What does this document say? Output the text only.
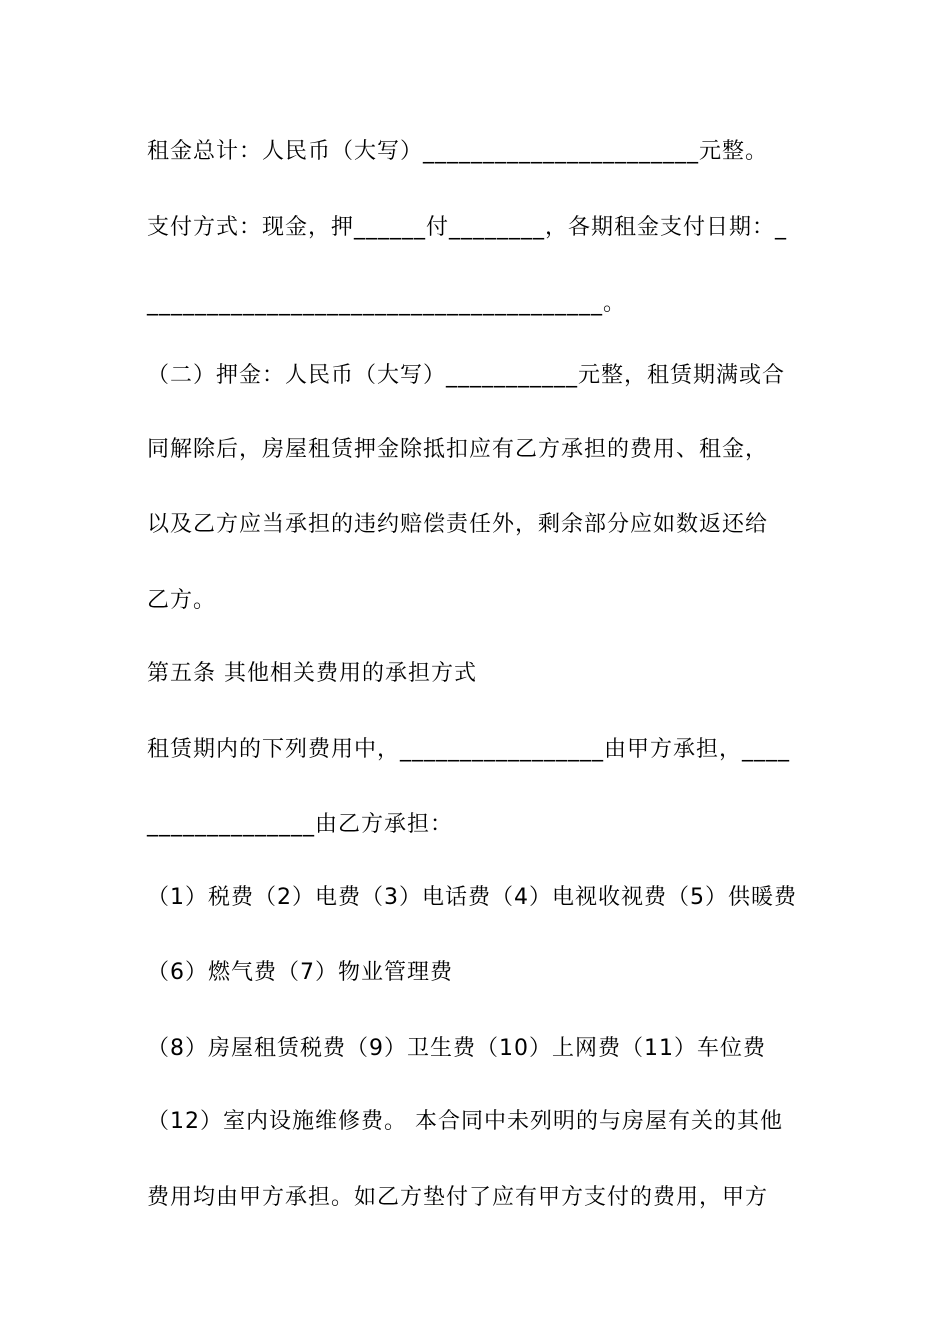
租金总计：人民币（大写）_______________________元整。
支付方式：现金，押______付________，各期租金支付日期：_
______________________________________。
（二）押金：人民币（大写）___________元整，租赁期满或合
同解除后，房屋租赁押金除抵扣应有乙方承担的费用、租金，
以及乙方应当承担的违约赔偿责任外，剩余部分应如数返还给
乙方。
第五条 其他相关费用的承担方式
租赁期内的下列费用中，_________________由甲方承担，____
______________由乙方承担：
（1）税费（2）电费（3）电话费（4）电视收视费（5）供暖费
（6）燃气费（7）物业管理费
（8）房屋租赁税费（9）卫生费（10）上网费（11）车位费
（12）室内设施维修费。 本合同中未列明的与房屋有关的其他
费用均由甲方承担。如乙方垫付了应有甲方支付的费用，甲方
